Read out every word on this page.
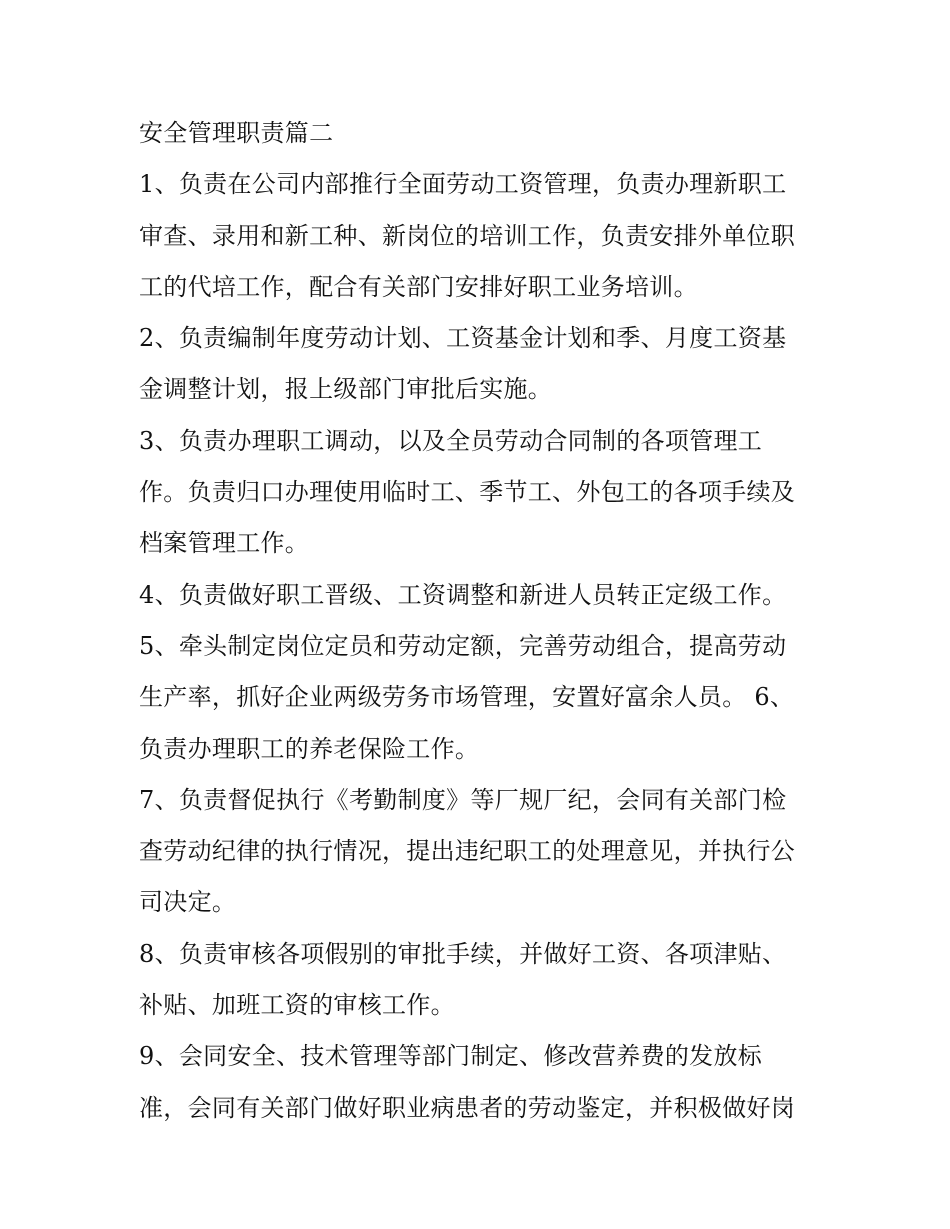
安全管理职责篇二
1、负责在公司内部推行全面劳动工资管理，负责办理新职工
审查、录用和新工种、新岗位的培训工作，负责安排外单位职
工的代培工作，配合有关部门安排好职工业务培训。
2、负责编制年度劳动计划、工资基金计划和季、月度工资基
金调整计划，报上级部门审批后实施。
3、负责办理职工调动，以及全员劳动合同制的各项管理工
作。负责归口办理使用临时工、季节工、外包工的各项手续及
档案管理工作。
4、负责做好职工晋级、工资调整和新进人员转正定级工作。
5、牵头制定岗位定员和劳动定额，完善劳动组合，提高劳动
生产率，抓好企业两级劳务市场管理，安置好富余人员。 6、
负责办理职工的养老保险工作。
7、负责督促执行《考勤制度》等厂规厂纪，会同有关部门检
查劳动纪律的执行情况，提出违纪职工的处理意见，并执行公
司决定。
8、负责审核各项假别的审批手续，并做好工资、各项津贴、
补贴、加班工资的审核工作。
9、会同安全、技术管理等部门制定、修改营养费的发放标
准，会同有关部门做好职业病患者的劳动鉴定，并积极做好岗
